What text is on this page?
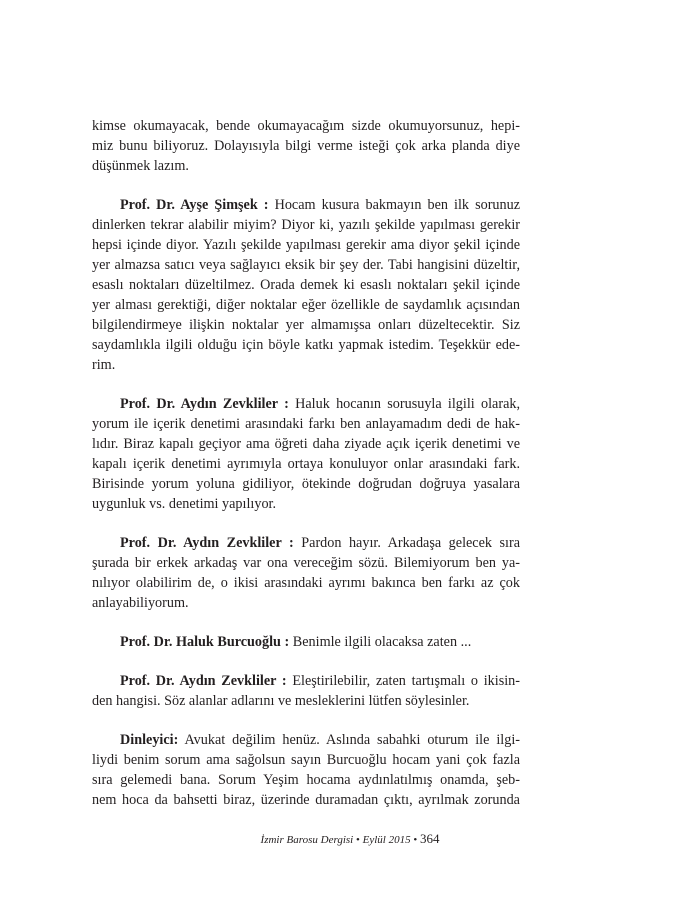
kimse okumayacak, bende okumayacağım sizde okumuyorsunuz, hepi-
miz bunu biliyoruz. Dolayısıyla bilgi verme isteği çok arka planda diye
düşünmek lazım.
Prof. Dr. Ayşe Şimşek : Hocam kusura bakmayın ben ilk sorunuz
dinlerken tekrar alabilir miyim? Diyor ki, yazılı şekilde yapılması gerekir
hepsi içinde diyor. Yazılı şekilde yapılması gerekir ama diyor şekil içinde
yer almazsa satıcı veya sağlayıcı eksik bir şey der. Tabi hangisini düzeltir,
esaslı noktaları düzeltilmez. Orada demek ki esaslı noktaları şekil içinde
yer alması gerektiği, diğer noktalar eğer özellikle de saydamlık açısından
bilgilendirmeye ilişkin noktalar yer almamışsa onları düzeltecektir. Siz
saydamlıkla ilgili olduğu için böyle katkı yapmak istedim. Teşekkür ede-
rim.
Prof. Dr. Aydın Zevkliler : Haluk hocanın sorusuyla ilgili olarak,
yorum ile içerik denetimi arasındaki farkı ben anlayamadım dedi de hak-
lıdır. Biraz kapalı geçiyor ama öğreti daha ziyade açık içerik denetimi ve
kapalı içerik denetimi ayrımıyla ortaya konuluyor onlar arasındaki fark.
Birisinde yorum yoluna gidiliyor, ötekinde doğrudan doğruya yasalara
uygunluk vs. denetimi yapılıyor.
Prof. Dr. Aydın Zevkliler : Pardon hayır. Arkadaşa gelecek sıra
şurada bir erkek arkadaş var ona vereceğim sözü. Bilemiyorum ben ya-
nılıyor olabilirim de, o ikisi arasındaki ayrımı bakınca ben farkı az çok
anlayabiliyorum.
Prof. Dr. Haluk Burcuoğlu : Benimle ilgili olacaksa zaten ...
Prof. Dr. Aydın Zevkliler : Eleştirilebilir, zaten tartışmalı o ikisin-
den hangisi. Söz alanlar adlarını ve mesleklerini lütfen söylesinler.
Dinleyici: Avukat değilim henüz. Aslında sabahki oturum ile ilgi-
liydi benim sorum ama sağolsun sayın Burcuoğlu hocam yani çok fazla
sıra gelemedi bana. Sorum Yeşim hocama aydınlatılmış onamda, şeb-
nem hoca da bahsetti biraz, üzerinde duramadan çıktı, ayrılmak zorunda
İzmir Barosu Dergisi • Eylül 2015 • 364
